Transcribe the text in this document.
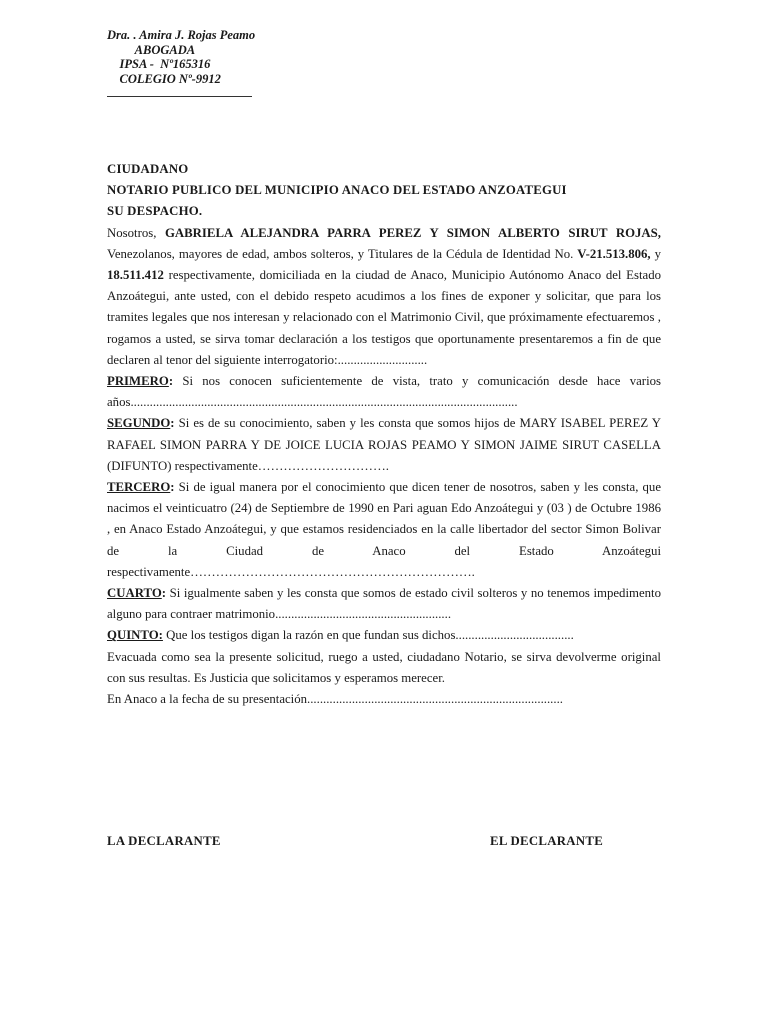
Dra. . Amira J. Rojas Peamo
ABOGADA
IPSA -  Nº165316
COLEGIO Nº-9912
CIUDADANO
NOTARIO PUBLICO DEL MUNICIPIO ANACO DEL ESTADO ANZOATEGUI
SU DESPACHO.
Nosotros, GABRIELA ALEJANDRA PARRA PEREZ Y SIMON ALBERTO SIRUT ROJAS, Venezolanos, mayores de edad, ambos solteros, y Titulares de la Cédula de Identidad No. V-21.513.806, y 18.511.412 respectivamente, domiciliada en la ciudad de Anaco, Municipio Autónomo Anaco del Estado Anzoátegui, ante usted, con el debido respeto acudimos a los fines de exponer y solicitar, que para los tramites legales que nos interesan y relacionado con el Matrimonio Civil, que próximamente efectuaremos , rogamos a usted, se sirva tomar declaración a los testigos que oportunamente presentaremos a fin de que declaren al tenor del siguiente interrogatorio:............................
PRIMERO: Si nos conocen suficientemente de vista, trato y comunicación desde hace varios años.........................................................................................................................
SEGUNDO: Si es de su conocimiento, saben y les consta que somos hijos de MARY ISABEL PEREZ Y RAFAEL SIMON PARRA Y DE JOICE LUCIA ROJAS PEAMO Y SIMON JAIME SIRUT CASELLA (DIFUNTO) respectivamente………………………….
TERCERO: Si de igual manera por el conocimiento que dicen tener de nosotros, saben y les consta, que nacimos el veinticuatro (24) de Septiembre de 1990 en Pari aguan Edo Anzoátegui y (03 ) de Octubre 1986 , en Anaco Estado Anzoátegui, y que estamos residenciados en la calle libertador del sector Simon Bolivar de la Ciudad de Anaco del Estado Anzoátegui respectivamente………………………………………………………….
CUARTO: Si igualmente saben y les consta que somos de estado civil solteros y no tenemos impedimento alguno para contraer matrimonio.......................................................
QUINTO: Que los testigos digan la razón en que fundan sus dichos.....................................
Evacuada como sea la presente solicitud, ruego a usted, ciudadano Notario, se sirva devolverme original con sus resultas. Es Justicia que solicitamos y esperamos merecer.
En Anaco a la fecha de su presentación................................................................................
LA DECLARANTE	EL DECLARANTE
